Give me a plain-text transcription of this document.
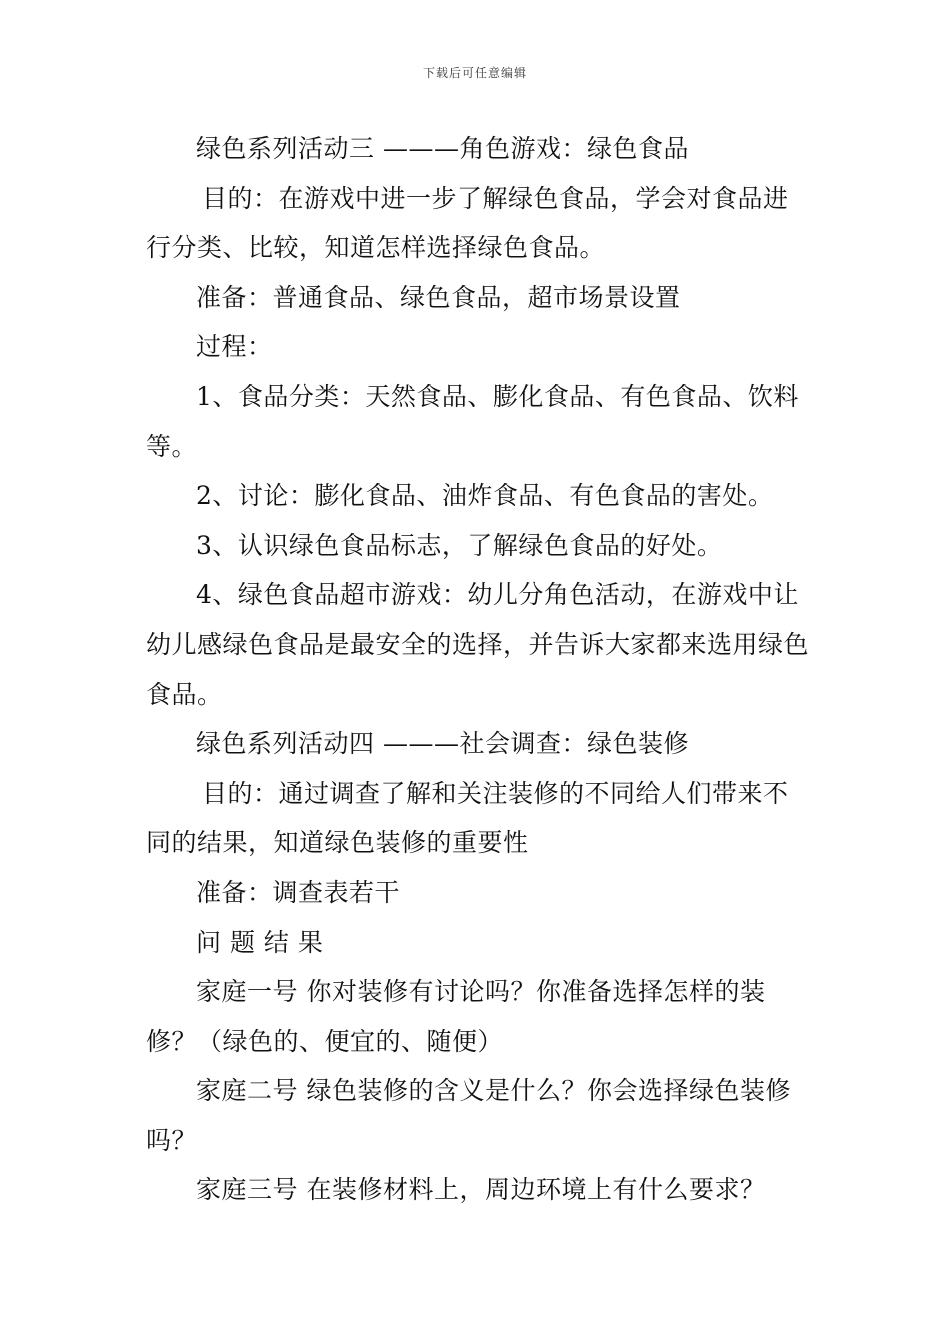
下载后可任意编辑

绿色系列活动三 ———角色游戏：绿色食品

目的：在游戏中进一步了解绿色食品，学会对食品进行分类、比较，知道怎样选择绿色食品。

准备：普通食品、绿色食品，超市场景设置

过程：

1、食品分类：天然食品、膨化食品、有色食品、饮料等。

2、讨论：膨化食品、油炸食品、有色食品的害处。

3、认识绿色食品标志，了解绿色食品的好处。

4、绿色食品超市游戏：幼儿分角色活动，在游戏中让幼儿感绿色食品是最安全的选择，并告诉大家都来选用绿色食品。

绿色系列活动四 ———社会调查：绿色装修

目的：通过调查了解和关注装修的不同给人们带来不同的结果，知道绿色装修的重要性

准备：调查表若干

问 题 结 果

家庭一号 你对装修有讨论吗？你准备选择怎样的装修？（绿色的、便宜的、随便）

家庭二号 绿色装修的含义是什么？你会选择绿色装修吗？

家庭三号 在装修材料上，周边环境上有什么要求？
